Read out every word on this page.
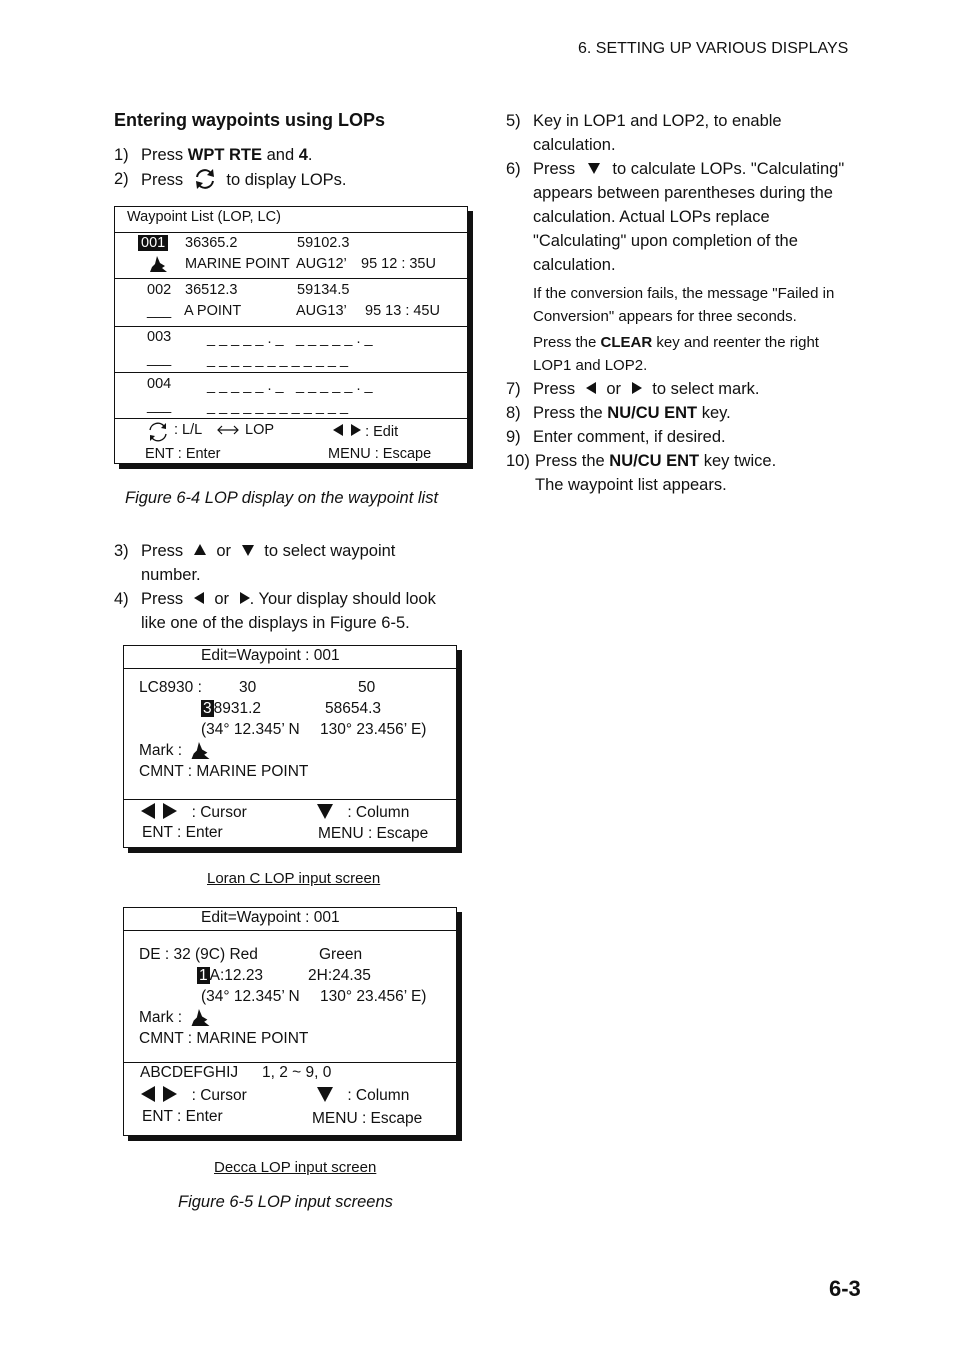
6. SETTING UP VARIOUS DISPLAYS
6-3
Entering waypoints using LOPs
1) Press WPT RTE and 4.
2) Press	to display LOPs.
Waypoint List (LOP, LC)
001 36365.2	59102.3
MARINE POINT AUG12’ 95 12 : 35U
002 36512.3	59134.5
___ A POINT	AUG13’ 95 13 : 45U
003 _ _ _ _ _ . _ _ _ _ _ _ . _
___ _ _ _ _ _ _ _ _ _ _ _ _
004 _ _ _ _ _ . _ _ _ _ _ _ . _
___ _ _ _ _ _ _ _ _ _ _ _ _
: L/L	LOP	: Edit
ENT : Enter	MENU : Escape
Figure 6-4 LOP display on the waypoint list
3) Press or to select waypoint
number.
4) Press or . Your display should look
like one of the displays in Figure 6-5.
Edit=Waypoint : 001
LC8930 : 30	50
3 8931.2	58654.3
(34° 12.345’ N 130° 23.456’ E)
Mark :
CMNT : MARINE POINT
: Cursor	: Column
ENT : Enter	MENU : Escape
Loran C LOP input screen
Edit=Waypoint : 001
DE : 32 (9C) Red	Green
1 A:12.23	2H:24.35
(34° 12.345’ N 130° 23.456’ E)
Mark :
CMNT : MARINE POINT
ABCDEFGHIJ 1, 2 ~ 9, 0
: Cursor	: Column
ENT : Enter	MENU : Escape
Decca LOP input screen
Figure 6-5 LOP input screens
5) Key in LOP1 and LOP2, to enable
calculation.
6) Press to calculate LOPs. "Calculating"
appears between parentheses during the
calculation. Actual LOPs replace
"Calculating" upon completion of the
calculation.
If the conversion fails, the message "Failed in
Conversion" appears for three seconds.
Press the CLEAR key and reenter the right
LOP1 and LOP2.
7) Press or to select mark.
8) Press the NU/CU ENT key.
9) Enter comment, if desired.
10) Press the NU/CU ENT key twice.
The waypoint list appears.
